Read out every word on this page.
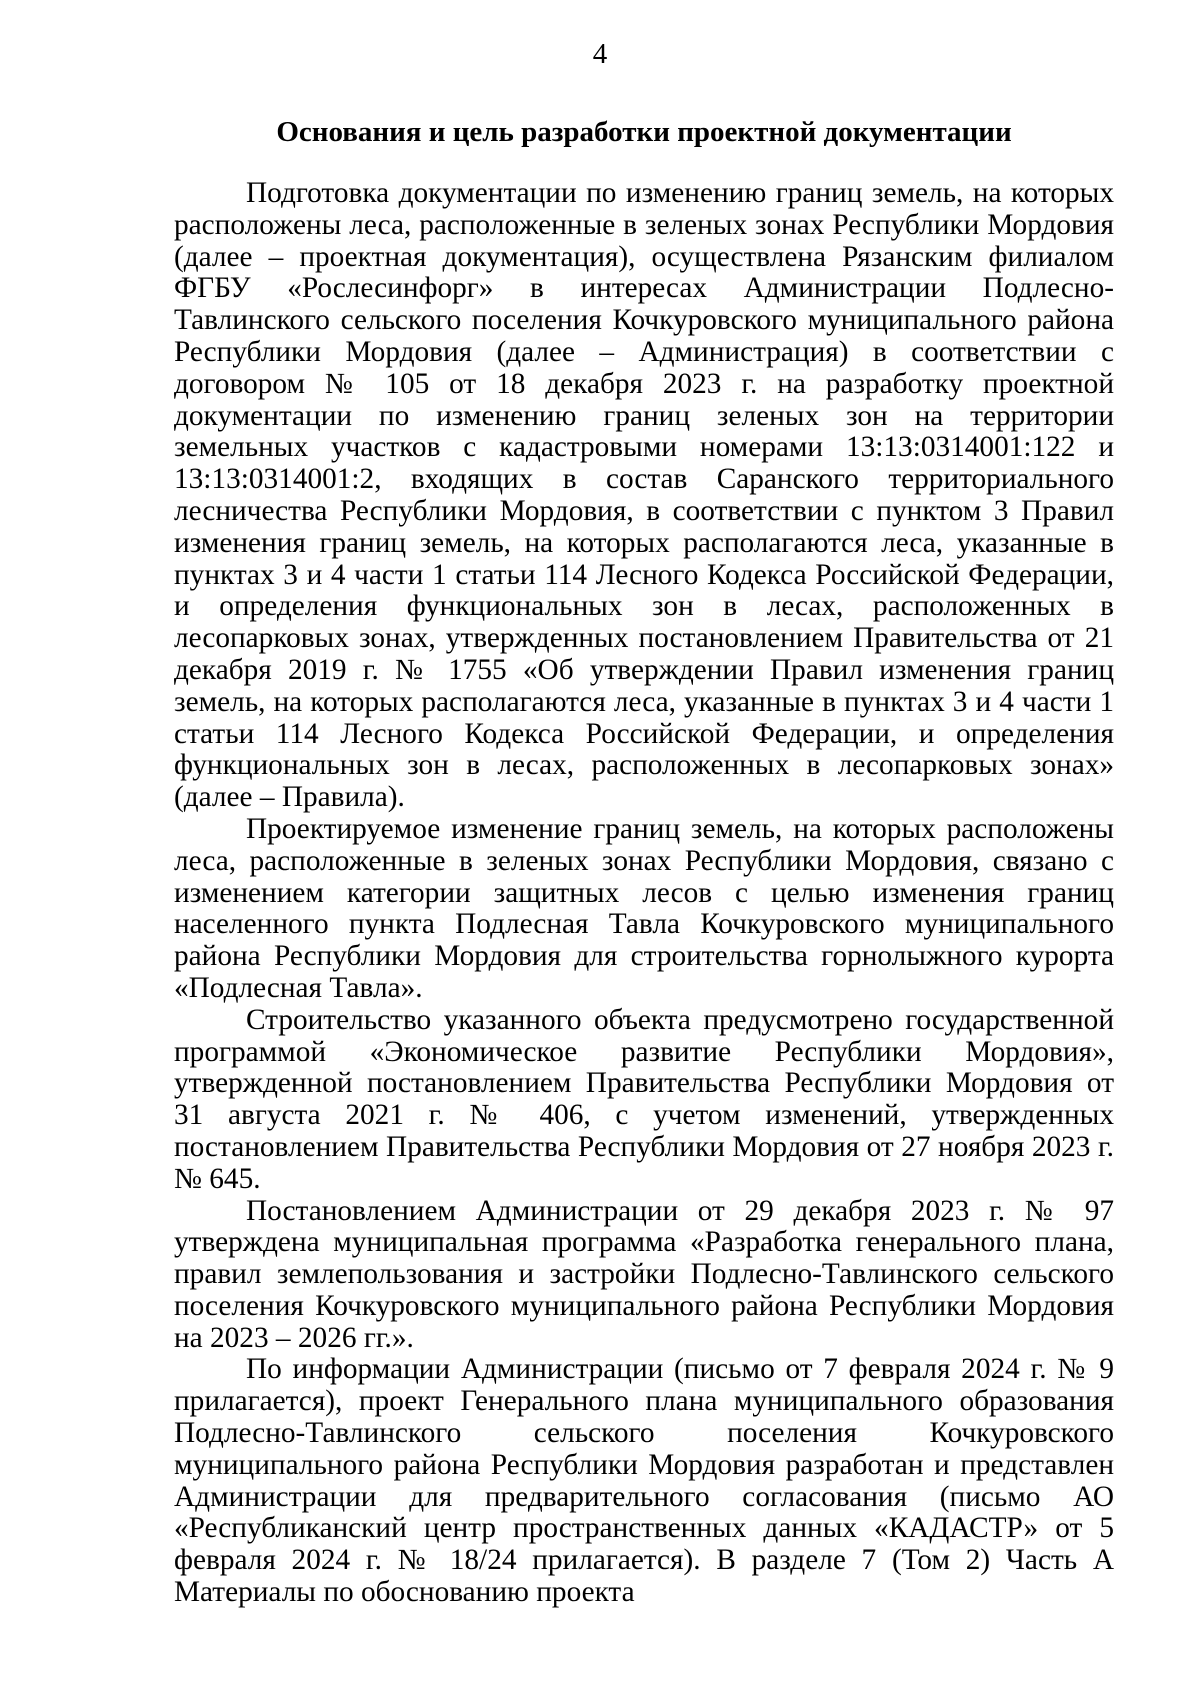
4
Основания и цель разработки проектной документации

Подготовка документации по изменению границ земель, на которых расположены леса, расположенные в зеленых зонах Республики Мордовия (далее – проектная документация), осуществлена Рязанским филиалом ФГБУ «Рослесинфорг» в интересах Администрации Подлесно-Тавлинского сельского поселения Кочкуровского муниципального района Республики Мордовия (далее – Администрация) в соответствии с договором № 105 от 18 декабря 2023 г. на разработку проектной документации по изменению границ зеленых зон на территории земельных участков с кадастровыми номерами 13:13:0314001:122 и 13:13:0314001:2, входящих в состав Саранского территориального лесничества Республики Мордовия, в соответствии с пунктом 3 Правил изменения границ земель, на которых располагаются леса, указанные в пунктах 3 и 4 части 1 статьи 114 Лесного Кодекса Российской Федерации, и определения функциональных зон в лесах, расположенных в лесопарковых зонах, утвержденных постановлением Правительства от 21 декабря 2019 г. № 1755 «Об утверждении Правил изменения границ земель, на которых располагаются леса, указанные в пунктах 3 и 4 части 1 статьи 114 Лесного Кодекса Российской Федерации, и определения функциональных зон в лесах, расположенных в лесопарковых зонах» (далее – Правила).

Проектируемое изменение границ земель, на которых расположены леса, расположенные в зеленых зонах Республики Мордовия, связано с изменением категории защитных лесов с целью изменения границ населенного пункта Подлесная Тавла Кочкуровского муниципального района Республики Мордовия для строительства горнолыжного курорта «Подлесная Тавла».

Строительство указанного объекта предусмотрено государственной программой «Экономическое развитие Республики Мордовия», утвержденной постановлением Правительства Республики Мордовия от 31 августа 2021 г. № 406, с учетом изменений, утвержденных постановлением Правительства Республики Мордовия от 27 ноября 2023 г. № 645.

Постановлением Администрации от 29 декабря 2023 г. № 97 утверждена муниципальная программа «Разработка генерального плана, правил землепользования и застройки Подлесно-Тавлинского сельского поселения Кочкуровского муниципального района Республики Мордовия на 2023 – 2026 гг.».

По информации Администрации (письмо от 7 февраля 2024 г. № 9 прилагается), проект Генерального плана муниципального образования Подлесно-Тавлинского сельского поселения Кочкуровского муниципального района Республики Мордовия разработан и представлен Администрации для предварительного согласования (письмо АО «Республиканский центр пространственных данных «КАДАСТР» от 5 февраля 2024 г. № 18/24 прилагается). В разделе 7 (Том 2) Часть А Материалы по обоснованию проекта
